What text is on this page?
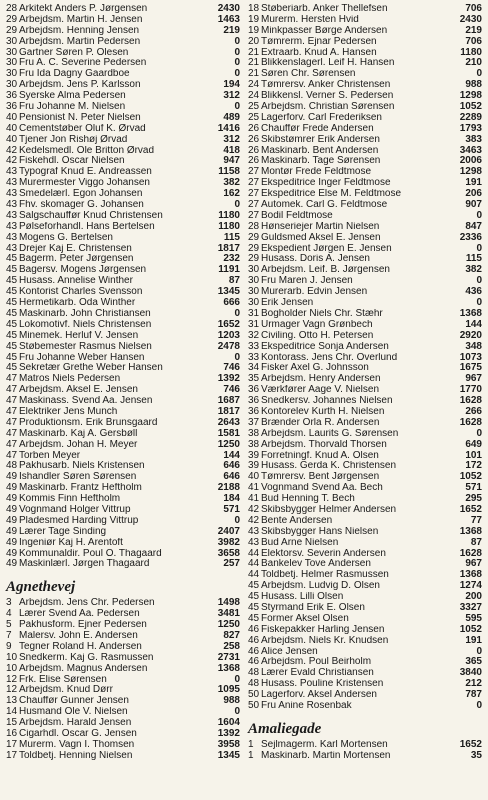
28 Arkitekt Anders P. Jørgensen	2430
29 Arbejdsm. Martin H. Jensen	1463
29 Arbejdsm. Henning Jensen	219
30 Arbejdsm. Martin Pedersen	0
30 Gartner Søren P. Olesen	0
30 Fru A. C. Severine Pedersen	0
30 Fru Ida Dagny Gaardboe	0
30 Arbejdsm. Jens P. Karlsson	194
36 Syerske Alma Pedersen	312
36 Fru Johanne M. Nielsen	0
40 Pensionist N. Peter Nielsen	489
40 Cementstøber Oluf K. Ørvad	1416
40 Tjener Jon Rishøj Ørvad	312
42 Kedelsmedl. Ole Britton Ørvad	418
42 Fiskehdl. Oscar Nielsen	947
43 Typograf Knud E. Andreassen	1158
43 Murermester Viggo Johansen	382
43 Smedelærl. Egon Johansen	162
43 Fhv. skomager G. Johansen	0
43 Salgschauffør Knud Christensen	1180
43 Pølseforhandl. Hans Bertelsen	1180
43 Mogens G. Bertelsen	115
43 Drejer Kaj E. Christensen	1817
45 Bagerm. Peter Jørgensen	232
45 Bagersv. Mogens Jørgensen	1191
45 Husass. Annelise Winther	87
45 Kontorist Charles Svensson	1345
45 Hermetikarb. Oda Winther	666
45 Maskinarb. John Christiansen	0
45 Lokomotivf. Niels Christensen	1652
45 Minemek. Herluf V. Jensen	1203
45 Støbemester Rasmus Nielsen	2478
45 Fru Johanne Weber Hansen	0
45 Sekretær Grethe Weber Hansen	746
47 Matros Niels Pedersen	1392
47 Arbejdsm. Aksel E. Jensen	746
47 Maskinass. Svend Aa. Jensen	1687
47 Elektriker Jens Munch	1817
47 Produktionsm. Erik Brunsgaard	2643
47 Maskinarb. Kaj A. Gersbøll	1581
47 Arbejdsm. Johan H. Meyer	1250
47 Torben Meyer	144
48 Pakhusarb. Niels Kristensen	646
49 Ishandler Søren Sørensen	646
49 Maskinarb. Frantz Heftholm	2188
49 Kommis Finn Heftholm	184
49 Vognmand Holger Vittrup	571
49 Pladesmed Harding Vittrup	0
49 Lærer Tage Sinding	2407
49 Ingeniør Kaj H. Arentoft	3982
49 Kommunaldir. Poul O. Thagaard	3658
49 Maskinlærl. Jørgen Thagaard	257
Agnethevej
3 Arbejdsm. Jens Chr. Pedersen	1498
4 Lærer Svend Aa. Pedersen	3481
5 Pakhusform. Ejner Pedersen	1250
7 Malersv. John E. Andersen	827
9 Tegner Roland H. Andersen	258
10 Snedkerm. Kaj G. Rasmussen	2731
10 Arbejdsm. Magnus Andersen	1368
12 Frk. Elise Sørensen	0
12 Arbejdsm. Knud Dørr	1095
13 Chauffør Gunner Jensen	988
14 Husmand Ole V. Nielsen	0
15 Arbejdsm. Harald Jensen	1604
16 Cigarhdl. Oscar G. Jensen	1392
17 Murerm. Vagn I. Thomsen	3958
17 Toldbetj. Henning Nielsen	1345
18 Støberiarb. Anker Thellefsen	706
19 Murerm. Hersten Hvid	2430
19 Minkpasser Børge Andersen	219
20 Tømrerm. Ejnar Pedersen	706
21 Extraarb. Knud A. Hansen	1180
21 Blikkenslagerl. Leif H. Hansen	210
21 Søren Chr. Sørensen	0
24 Tømrersv. Anker Christensen	988
24 Blikkensl. Verner S. Pedersen	1298
25 Arbejdsm. Christian Sørensen	1052
25 Lagerforv. Carl Frederiksen	2289
26 Chauffør Frede Andersen	1793
26 Skibstømrer Erik Andersen	383
26 Maskinarb. Bent Andersen	3463
26 Maskinarb. Tage Sørensen	2006
27 Montør Frede Feldtmose	1298
27 Ekspeditrice Inger Feldtmose	191
27 Ekspeditrice Else M. Feldtmose	206
27 Automek. Carl G. Feldtmose	907
27 Bodil Feldtmose	0
28 Hønseriejer Martin Nielsen	847
29 Guldsmed Aksel E. Jensen	2336
29 Ekspedient Jørgen E. Jensen	0
29 Husass. Doris A. Jensen	115
30 Arbejdsm. Leif. B. Jørgensen	382
30 Fru Maren J. Jensen	0
30 Murerarb. Edvin Jensen	436
30 Erik Jensen	0
31 Bogholder Niels Chr. Stæhr	1368
31 Urmager Vagn Grønbech	144
32 Civiling. Otto H. Petersen	2920
33 Ekspeditrice Sonja Andersen	348
33 Kontorass. Jens Chr. Overlund	1073
34 Fisker Axel G. Johnsson	1675
35 Arbejdsm. Henry Andersen	967
36 Værkfører Aage V. Nielsen	1770
36 Snedkersv. Johannes Nielsen	1628
36 Kontorelev Kurth H. Nielsen	266
37 Brænder Orla R. Andersen	1628
38 Arbejdsm. Laurits G. Sørensen	0
38 Arbejdsm. Thorvald Thorsen	649
39 Forretningf. Knud A. Olsen	101
39 Husass. Gerda K. Christensen	172
40 Tømrersv. Bent Jørgensen	1052
41 Vognmand Svend Aa. Bech	571
41 Bud Henning T. Bech	295
42 Skibsbygger Helmer Andersen	1652
42 Bente Andersen	77
43 Skibsbygger Hans Nielsen	1368
43 Bud Arne Nielsen	87
44 Elektorsv. Severin Andersen	1628
44 Bankelev Tove Andersen	967
44 Toldbetj. Helmer Rasmussen	1368
45 Arbejdsm. Ludvig D. Olsen	1274
45 Husass. Lilli Olsen	200
45 Styrmand Erik E. Olsen	3327
45 Former Aksel Olsen	595
46 Fiskepakker Harling Jensen	1052
46 Arbejdsm. Niels Kr. Knudsen	191
46 Alice Jensen	0
46 Arbejdsm. Poul Beirholm	365
48 Lærer Evald Christiansen	3840
48 Husass. Pouline Kristensen	212
50 Lagerforv. Aksel Andersen	787
50 Fru Anine Rosenbak	0
Amaliegade
1 Sejlmagerm. Karl Mortensen	1652
1 Maskinarb. Martin Mortensen	35
